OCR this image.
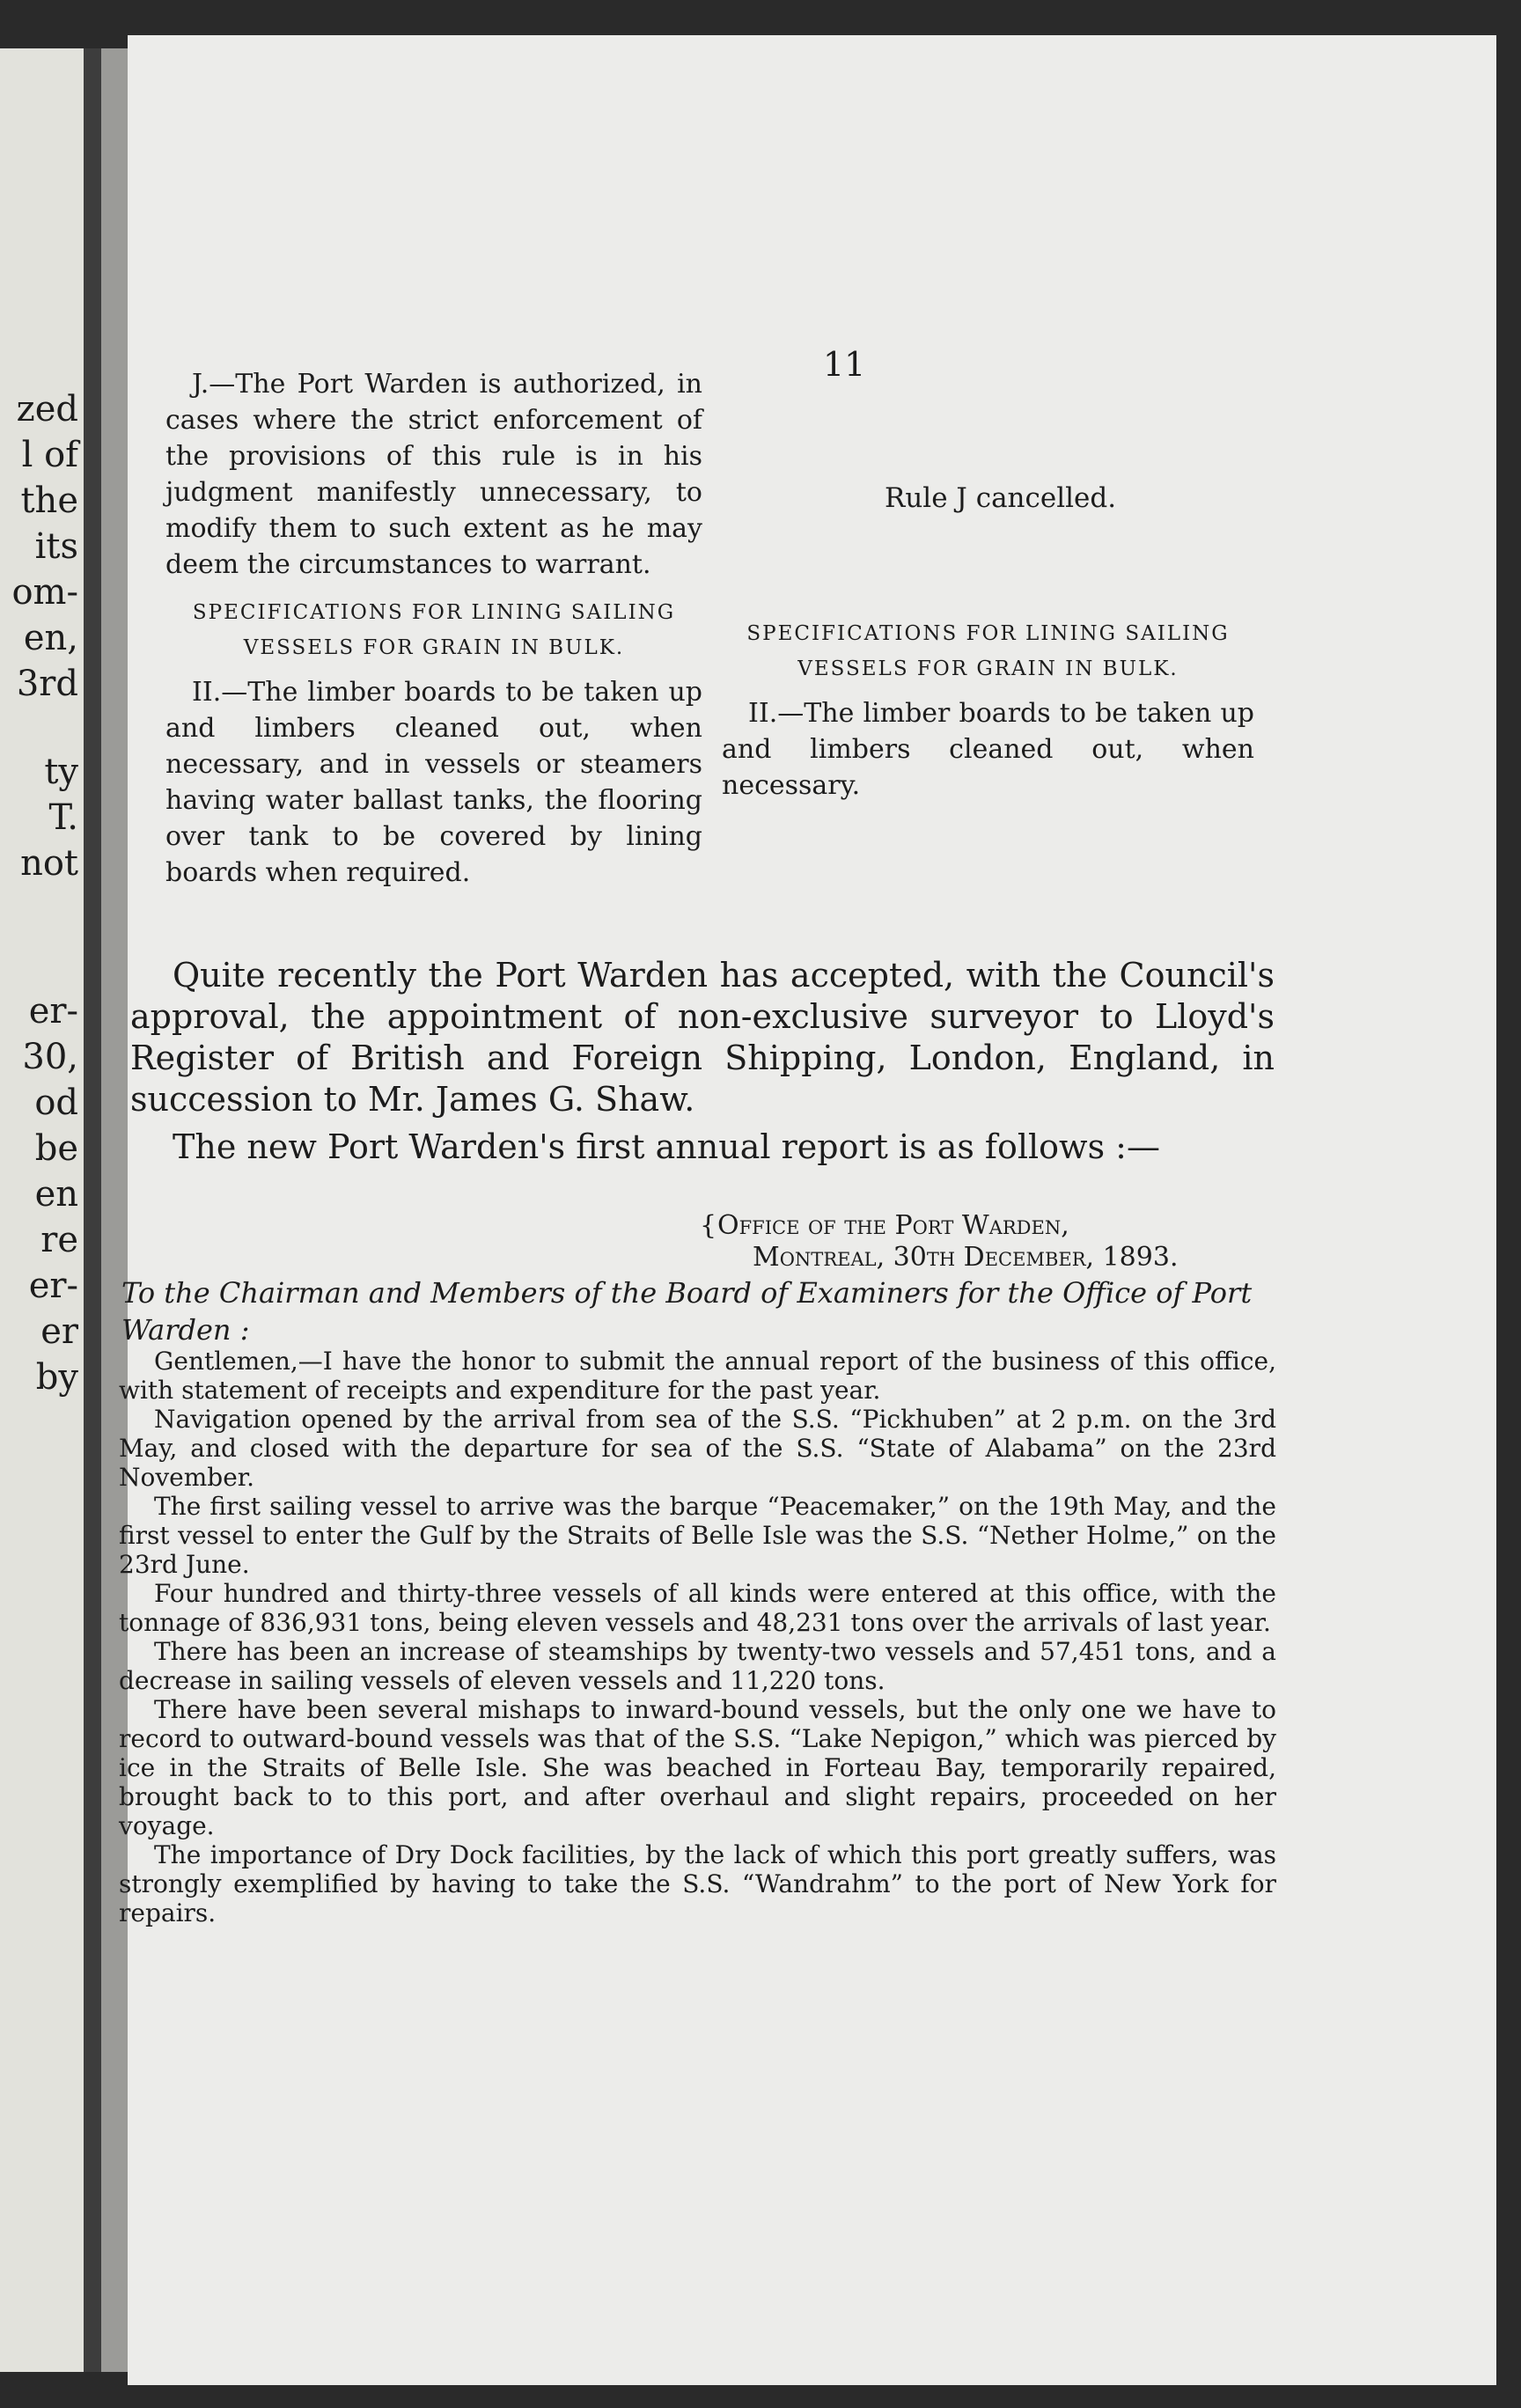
zed
l of
the
its
om-
en,
3rd
ty
T.
not
er-
30,
od
be
en
re
er-
er
by
11
J.—The Port Warden is authorized, in cases where the strict enforcement of the provisions of this rule is in his judgment manifestly unnecessary, to modify them to such extent as he may deem the circumstances to warrant.
SPECIFICATIONS FOR LINING SAILING
VESSELS FOR GRAIN IN BULK.
II.—The limber boards to be taken up and limbers cleaned out, when necessary, and in vessels or steamers having water ballast tanks, the flooring over tank to be covered by lining boards when required.
Rule J cancelled.
SPECIFICATIONS FOR LINING SAILING
VESSELS FOR GRAIN IN BULK.
II.—The limber boards to be taken up and limbers cleaned out, when necessary.
Quite recently the Port Warden has accepted, with the Council's approval, the appointment of non-exclusive surveyor to Lloyd's Register of British and Foreign Shipping, London, England, in succession to Mr. James G. Shaw.
The new Port Warden's first annual report is as follows :—
{Office of the Port Warden,
Montreal, 30th December, 1893.
To the Chairman and Members of the Board of Examiners for the Office of Port Warden :

Gentlemen,—I have the honor to submit the annual report of the business of this office, with statement of receipts and expenditure for the past year.

Navigation opened by the arrival from sea of the S.S. “Pickhuben” at 2 p.m. on the 3rd May, and closed with the departure for sea of the S.S. “State of Alabama” on the 23rd November.

The first sailing vessel to arrive was the barque “Peacemaker,” on the 19th May, and the first vessel to enter the Gulf by the Straits of Belle Isle was the S.S. “Nether Holme,” on the 23rd June.

Four hundred and thirty-three vessels of all kinds were entered at this office, with the tonnage of 836,931 tons, being eleven vessels and 48,231 tons over the arrivals of last year.

There has been an increase of steamships by twenty-two vessels and 57,451 tons, and a decrease in sailing vessels of eleven vessels and 11,220 tons.

There have been several mishaps to inward-bound vessels, but the only one we have to record to outward-bound vessels was that of the S.S. “Lake Nepigon,” which was pierced by ice in the Straits of Belle Isle. She was beached in Forteau Bay, temporarily repaired, brought back to to this port, and after overhaul and slight repairs, proceeded on her voyage.

The importance of Dry Dock facilities, by the lack of which this port greatly suffers, was strongly exemplified by having to take the S.S. “Wandrahm” to the port of New York for repairs.
